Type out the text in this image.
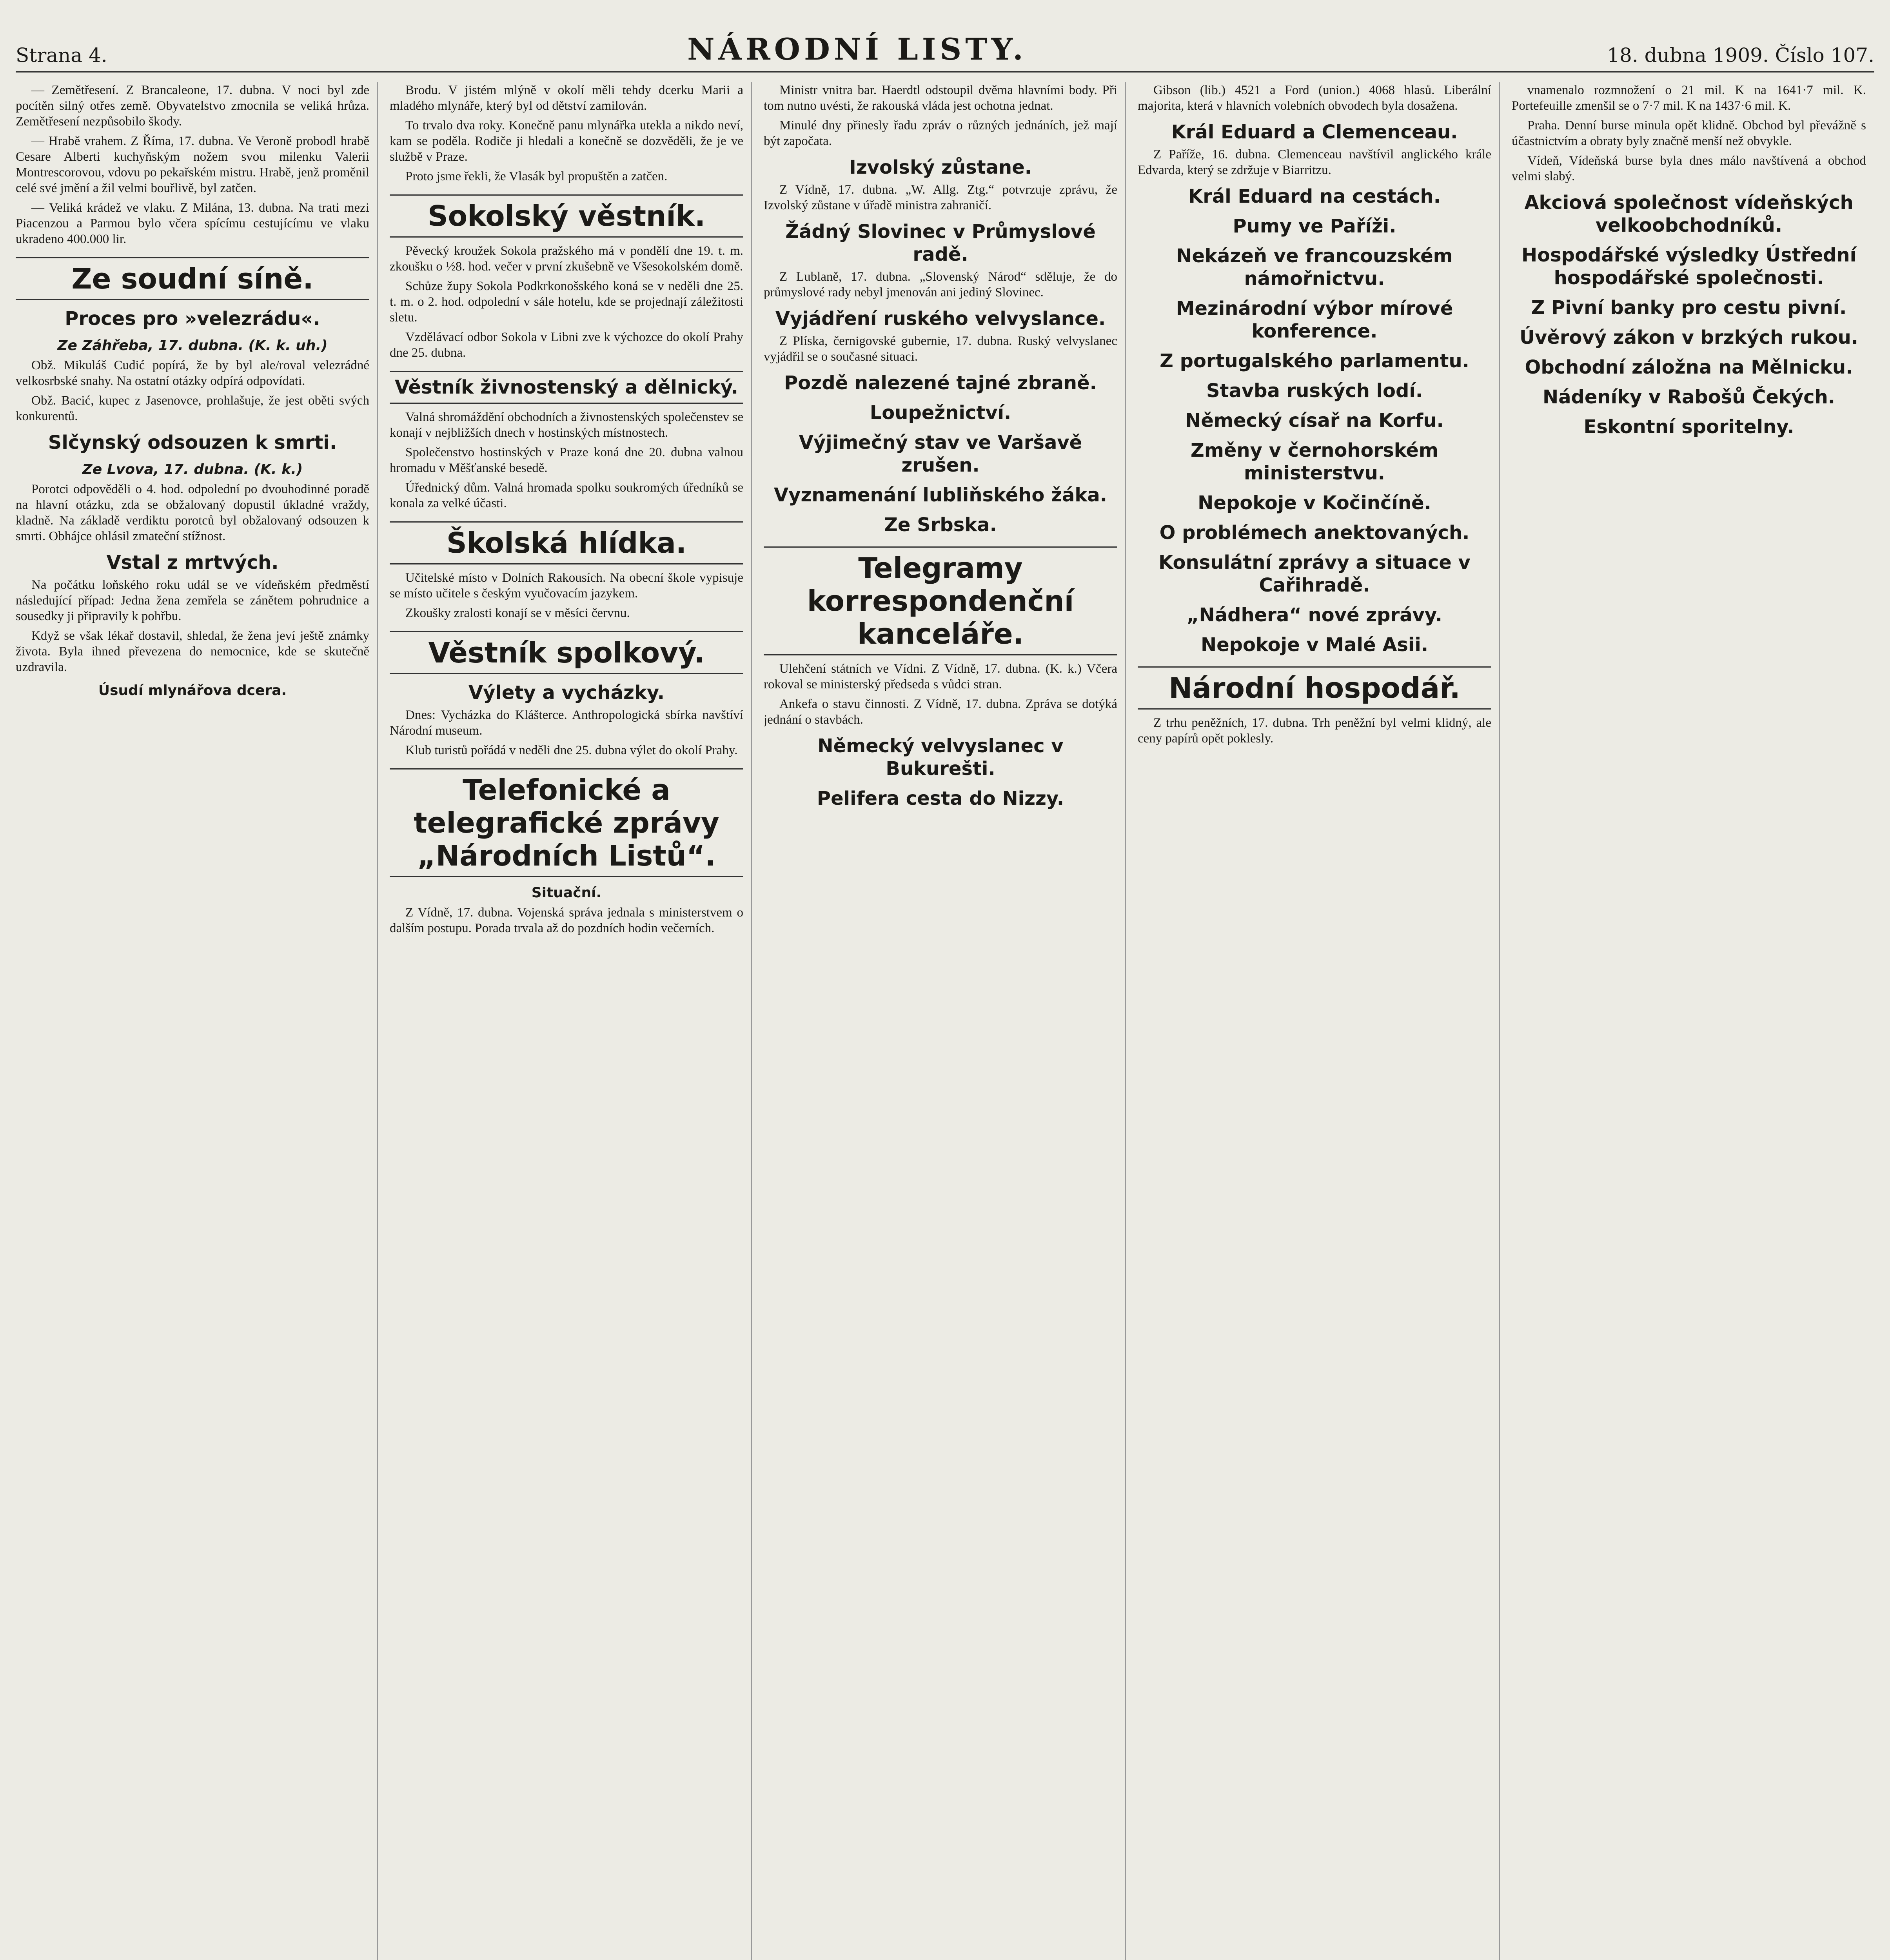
Strana 4.	NÁRODNÍ LISTY.	18. dubna 1909. Číslo 107.

— Zemětřesení. Z Brancaleone, 17. dubna. V noci byl zde pocítěn silný otřes země. Obyvatelstvo zmocnila se veliká hrůza. Zemětřesení nezpůsobilo škody.

— Hrabě vrahem. Z Říma, 17. dubna. Ve Veroně probodl hrabě Cesare Alberti kuchyňským nožem svou milenku Valerii Montrescorovou, vdovu po pekařském mistru. Hrabě, jenž proměnil celé své jmění a žil velmi bouřlivě, byl zatčen.

— Veliká krádež ve vlaku. Z Milána, 13. dubna. Na trati mezi Piacenzou a Parmou bylo včera spícímu cestujícímu ve vlaku ukradeno 400.000 lir.

Ze soudní síně.
Proces pro »velezrádu«.
Ze Záhřeba, 17. dubna. (K. k. uh.)

Obž. Mikuláš Cudić popírá, že by byl ale/roval velezrádné velkosrbské snahy. Na ostatní otázky odpírá odpovídati.

Obž. Bacić, kupec z Jasenovce, prohlašuje, že jest oběti svých konkurentů.

Slčynský odsouzen k smrti.
Ze Lvova, 17. dubna. (K. k.)

Porotci odpověděli o 4. hod. odpolední po dvouhodinné poradě na hlavní otázku, zda se obžalovaný dopustil úkladné vraždy, kladně. Na základě verdiktu porotců byl obžalovaný odsouzen k smrti. Obhájce ohlásil zmateční stížnost.

Vstal z mrtvých.

Na počátku loňského roku udál se ve vídeňském předměstí následující případ: Jedna žena zemřela se zánětem pohrudnice a sousedky ji připravily k pohřbu.

Když se však lékař dostavil, shledal, že žena jeví ještě známky života. Byla ihned převezena do nemocnice, kde se skutečně uzdravila.

Úsudí mlynářova dcera.

Brodu. V jistém mlýně v okolí měli tehdy dcerku Marii a mladého mlynáře, který byl od dětství zamilován.

To trvalo dva roky. Konečně panu mlynářka utekla a nikdo neví, kam se poděla. Rodiče ji hledali a konečně se dozvěděli, že je ve službě v Praze.

Proto jsme řekli, že Vlasák byl propuštěn a zatčen.

Sokolský věstník.

Pěvecký kroužek Sokola pražského má v pondělí dne 19. t. m. zkoušku o ½8. hod. večer v první zkušebně ve Všesokolském domě.

Schůze župy Sokola Podkrkonošského koná se v neděli dne 25. t. m. o 2. hod. odpolední v sále hotelu, kde se projednají záležitosti sletu.

Vzdělávací odbor Sokola v Libni zve k výchozce do okolí Prahy dne 25. dubna.

Věstník živnostenský a dělnický.

Valná shromáždění obchodních a živnostenských společenstev se konají v nejbližších dnech v hostinských místnostech.

Společenstvo hostinských v Praze koná dne 20. dubna valnou hromadu v Měšťanské besedě.

Úřednický dům. Valná hromada spolku soukromých úředníků se konala za velké účasti.

Školská hlídka.

Učitelské místo v Dolních Rakousích. Na obecní škole vypisuje se místo učitele s českým vyučovacím jazykem.

Zkoušky zralosti konají se v měsíci červnu.

Věstník spolkový.
Výlety a vycházky.

Dnes: Vycházka do Klášterce. Anthropologická sbírka navštíví Národní museum.

Klub turistů pořádá v neděli dne 25. dubna výlet do okolí Prahy.

Telefonické a telegrafické zprávy „Národních Listů“.
Situační.

Z Vídně, 17. dubna. Vojenská správa jednala s ministerstvem o dalším postupu. Porada trvala až do pozdních hodin večerních.

Ministr vnitra bar. Haerdtl odstoupil dvěma hlavními body. Při tom nutno uvésti, že rakouská vláda jest ochotna jednat.

Minulé dny přinesly řadu zpráv o různých jednáních, jež mají být započata.

Izvolský zůstane.

Z Vídně, 17. dubna. „W. Allg. Ztg.“ potvrzuje zprávu, že Izvolský zůstane v úřadě ministra zahraničí.

Žádný Slovinec v Průmyslové radě.

Z Lublaně, 17. dubna. „Slovenský Národ“ sděluje, že do průmyslové rady nebyl jmenován ani jediný Slovinec.

Vyjádření ruského velvyslance.

Z Plíska, černigovské gubernie, 17. dubna. Ruský velvyslanec vyjádřil se o současné situaci.

Pozdě nalezené tajné zbraně.
Loupežnictví.
Výjimečný stav ve Varšavě zrušen.
Vyznamenání lubliňského žáka.
Ze Srbska.
Telegramy korrespondenční kanceláře.

Ulehčení státních ve Vídni. Z Vídně, 17. dubna. (K. k.) Včera rokoval se ministerský předseda s vůdci stran.

Ankefa o stavu činnosti. Z Vídně, 17. dubna. Zpráva se dotýká jednání o stavbách.

Německý velvyslanec v Bukurešti.
Pelifera cesta do Nizzy.

Gibson (lib.) 4521 a Ford (union.) 4068 hlasů. Liberální majorita, která v hlavních volebních obvodech byla dosažena.

Král Eduard a Clemenceau.

Z Paříže, 16. dubna. Clemenceau navštívil anglického krále Edvarda, který se zdržuje v Biarritzu.

Král Eduard na cestách.
Pumy ve Paříži.
Nekázeň ve francouzském námořnictvu.
Mezinárodní výbor mírové konference.
Z portugalského parlamentu.
Stavba ruských lodí.
Německý císař na Korfu.
Změny v černohorském ministerstvu.
Nepokoje v Kočinčíně.
O problémech anektovaných.
Konsulátní zprávy a situace v Cařihradě.
„Nádhera“ nové zprávy.
Nepokoje v Malé Asii.
Národní hospodář.

Z trhu peněžních, 17. dubna. Trh peněžní byl velmi klidný, ale ceny papírů opět poklesly.

vnamenalo rozmnožení o 21 mil. K na 1641·7 mil. K. Portefeuille zmenšil se o 7·7 mil. K na 1437·6 mil. K.

Praha. Denní burse minula opět klidně. Obchod byl převážně s účastnictvím a obraty byly značně menší než obvykle.

Vídeň, Vídeňská burse byla dnes málo navštívená a obchod velmi slabý.

Akciová společnost vídeňských velkoobchodníků.
Hospodářské výsledky Ústřední hospodářské společnosti.
Z Pivní banky pro cestu pivní.
Úvěrový zákon v brzkých rukou.
Obchodní záložna na Mělnicku.
Nádeníky v Rabošů Čekých.
Eskontní sporitelny.
